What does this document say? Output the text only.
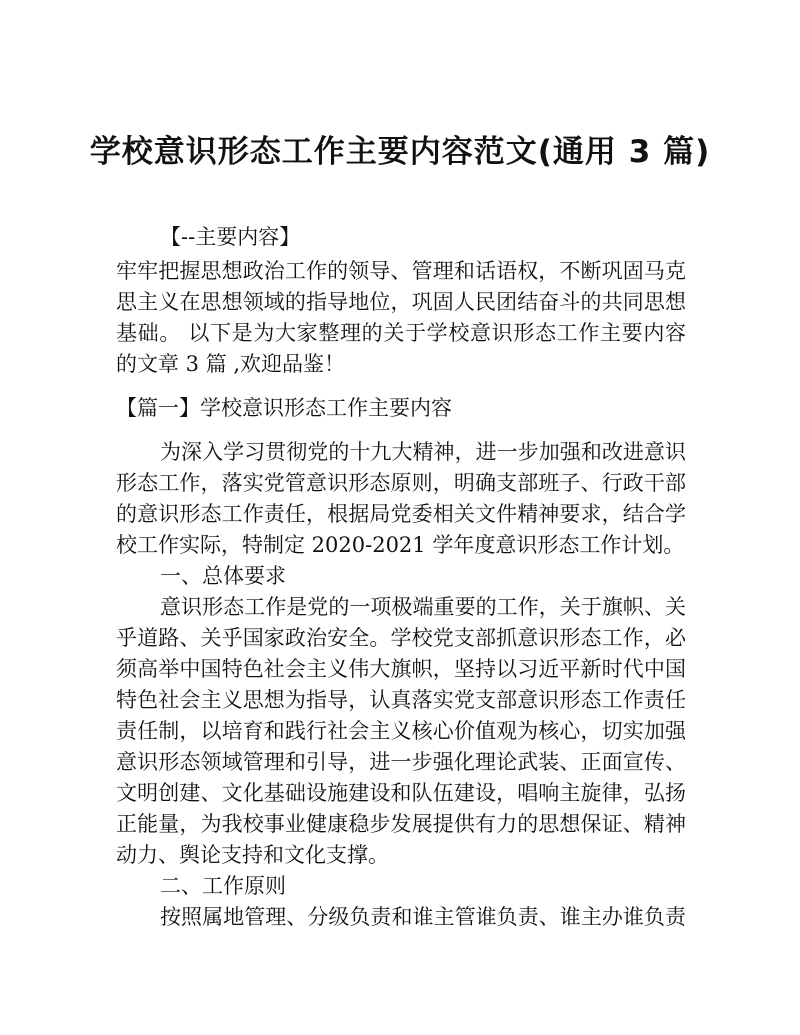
学校意识形态工作主要内容范文(通用 3 篇)
【--主要内容】
牢牢把握思想政治工作的领导、管理和话语权，不断巩固马克
思主义在思想领域的指导地位，巩固人民团结奋斗的共同思想
基础。 以下是为大家整理的关于学校意识形态工作主要内容
的文章 3 篇 ,欢迎品鉴！
【篇一】学校意识形态工作主要内容
为深入学习贯彻党的十九大精神，进一步加强和改进意识
形态工作，落实党管意识形态原则，明确支部班子、行政干部
的意识形态工作责任，根据局党委相关文件精神要求，结合学
校工作实际，特制定 2020-2021 学年度意识形态工作计划。
一、总体要求
意识形态工作是党的一项极端重要的工作，关于旗帜、关
乎道路、关乎国家政治安全。学校党支部抓意识形态工作，必
须高举中国特色社会主义伟大旗帜，坚持以习近平新时代中国
特色社会主义思想为指导，认真落实党支部意识形态工作责任
责任制，以培育和践行社会主义核心价值观为核心，切实加强
意识形态领域管理和引导，进一步强化理论武装、正面宣传、
文明创建、文化基础设施建设和队伍建设，唱响主旋律，弘扬
正能量，为我校事业健康稳步发展提供有力的思想保证、精神
动力、舆论支持和文化支撑。
二、工作原则
按照属地管理、分级负责和谁主管谁负责、谁主办谁负责
